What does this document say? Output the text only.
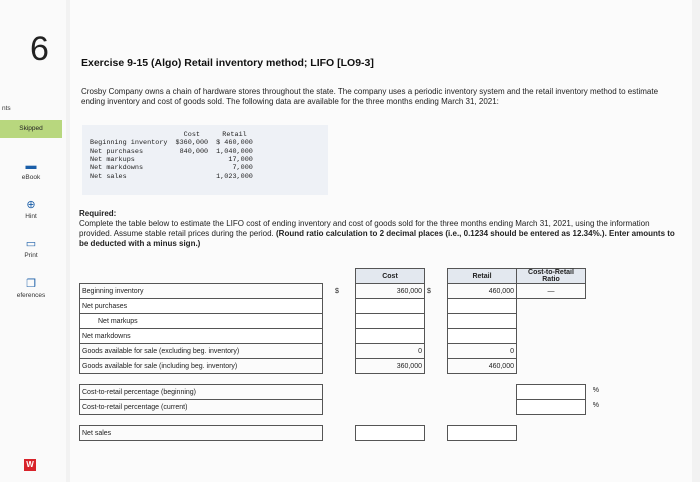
6
nts
Skipped
▬
eBook
⊕
Hint
▭
Print
❐
eferences
W
Exercise 9-15 (Algo) Retail inventory method; LIFO [LO9-3]
Crosby Company owns a chain of hardware stores throughout the state. The company uses a periodic inventory system and the retail inventory method to estimate ending inventory and cost of goods sold. The following data are available for the three months ending March 31, 2021:
	Cost	Retail
Beginning inventory	$360,000	$ 460,000
Net purchases	840,000	1,040,000
Net markups		17,000
Net markdowns		7,000
Net sales		1,023,000
Required:
Complete the table below to estimate the LIFO cost of ending inventory and cost of goods sold for the three months ending March 31, 2021, using the information provided. Assume stable retail prices during the period. (Round ratio calculation to 2 decimal places (i.e., 0.1234 should be entered as 12.34%.). Enter amounts to be deducted with a minus sign.)
			Cost		Retail	Cost-to-Retail Ratio
Beginning inventory		$	360,000	$	460,000	—
Net purchases						
Net markups						
Net markdowns						
Goods available for sale (excluding beg. inventory)			0		0	
Goods available for sale (including beg. inventory)			360,000		460,000	

Cost-to-retail percentage (beginning)						%

Cost-to-retail percentage (current)						%

Net sales						
